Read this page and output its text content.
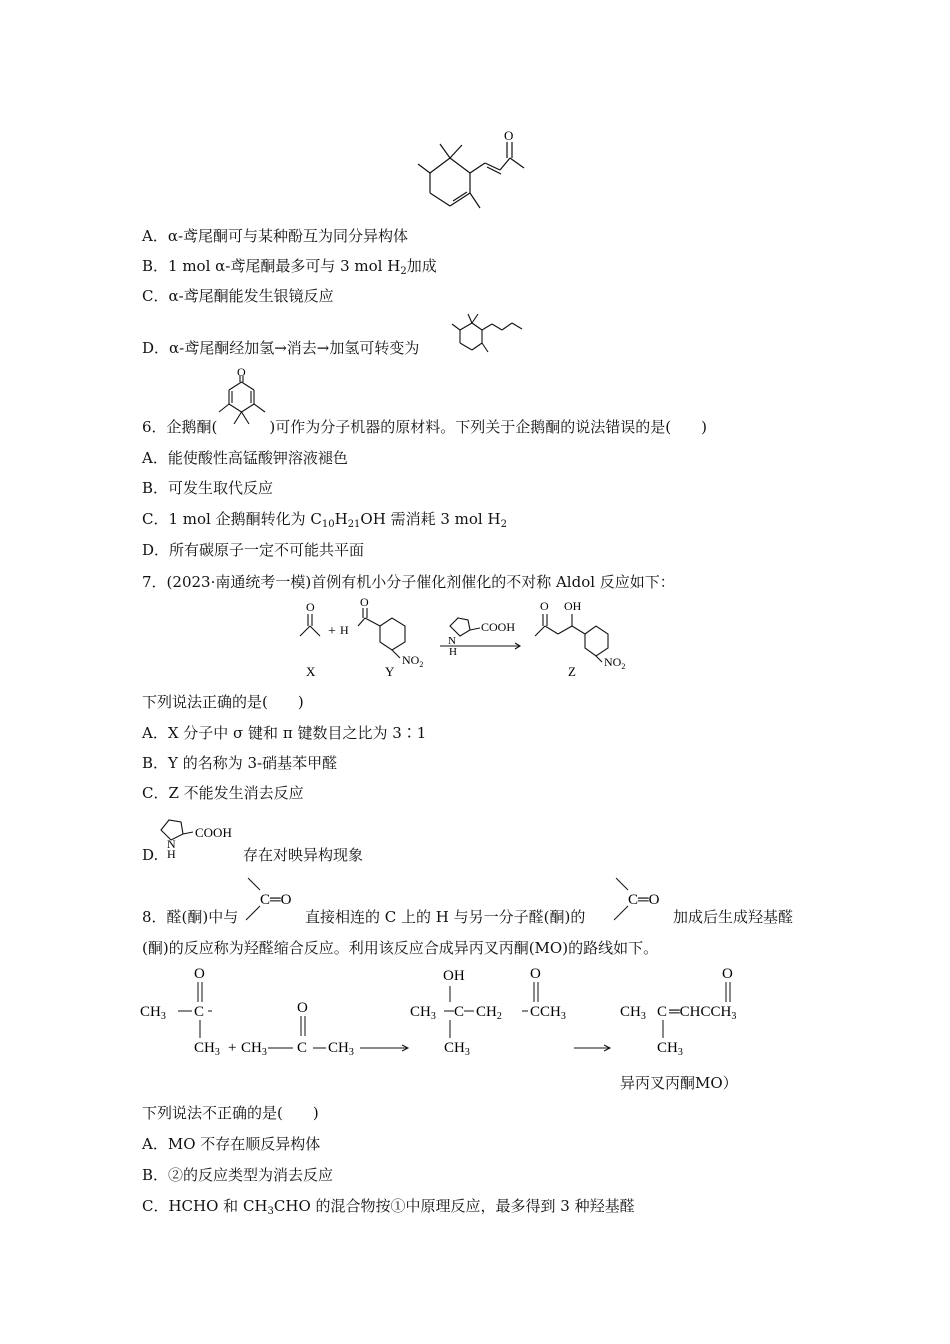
O
A．α-鸢尾酮可与某种酚互为同分异构体
B．1 mol α-鸢尾酮最多可与 3 mol $H_2$加成
C．α-鸢尾酮能发生银镜反应
D．α-鸢尾酮经加氢→消去→加氢可转变为
O
6．企鹅酮(	)可作为分子机器的原材料。下列关于企鹅酮的说法错误的是(　　)
A．能使酸性高锰酸钾溶液褪色
B．可发生取代反应
C．1 mol 企鹅酮转化为 $C_{10}H_{21}OH$ 需消耗 3 mol $H_2$
D．所有碳原子一定不可能共平面
7．(2023·南通统考一模)首例有机小分子催化剂催化的不对称 Aldol 反应如下：
O
+ H
O
$NO_2$
N
H
COOH
O OH
$NO_2$
X	Y	Z
下列说法正确的是(　　)
A．X 分子中 σ 键和 π 键数目之比为 3∶1
B．Y 的名称为 3-硝基苯甲醛
C．Z 不能发生消去反应
D.
N
H
COOH
存在对映异构现象
C═O	C═O
8．醛(酮)中与	直接相连的 C 上的 H 与另一分子醛(酮)的	加成后生成羟基醛
(酮)的反应称为羟醛缩合反应。利用该反应合成异丙叉丙酮(MO)的路线如下。
O
$CH_3$ C
$CH_3 + CH_3$
O
C $CH_3$
OH
$CH_3$ C $CH_2$
O
$CCH_3$
$CH_3$
O
$CH_3$ C $═CHCCH_3$
$CH_3$
异丙叉丙酮MO）
下列说法不正确的是(　　)
A．MO 不存在顺反异构体
B．②的反应类型为消去反应
C．HCHO 和 $CH_3CHO$ 的混合物按①中原理反应，最多得到 3 种羟基醛
